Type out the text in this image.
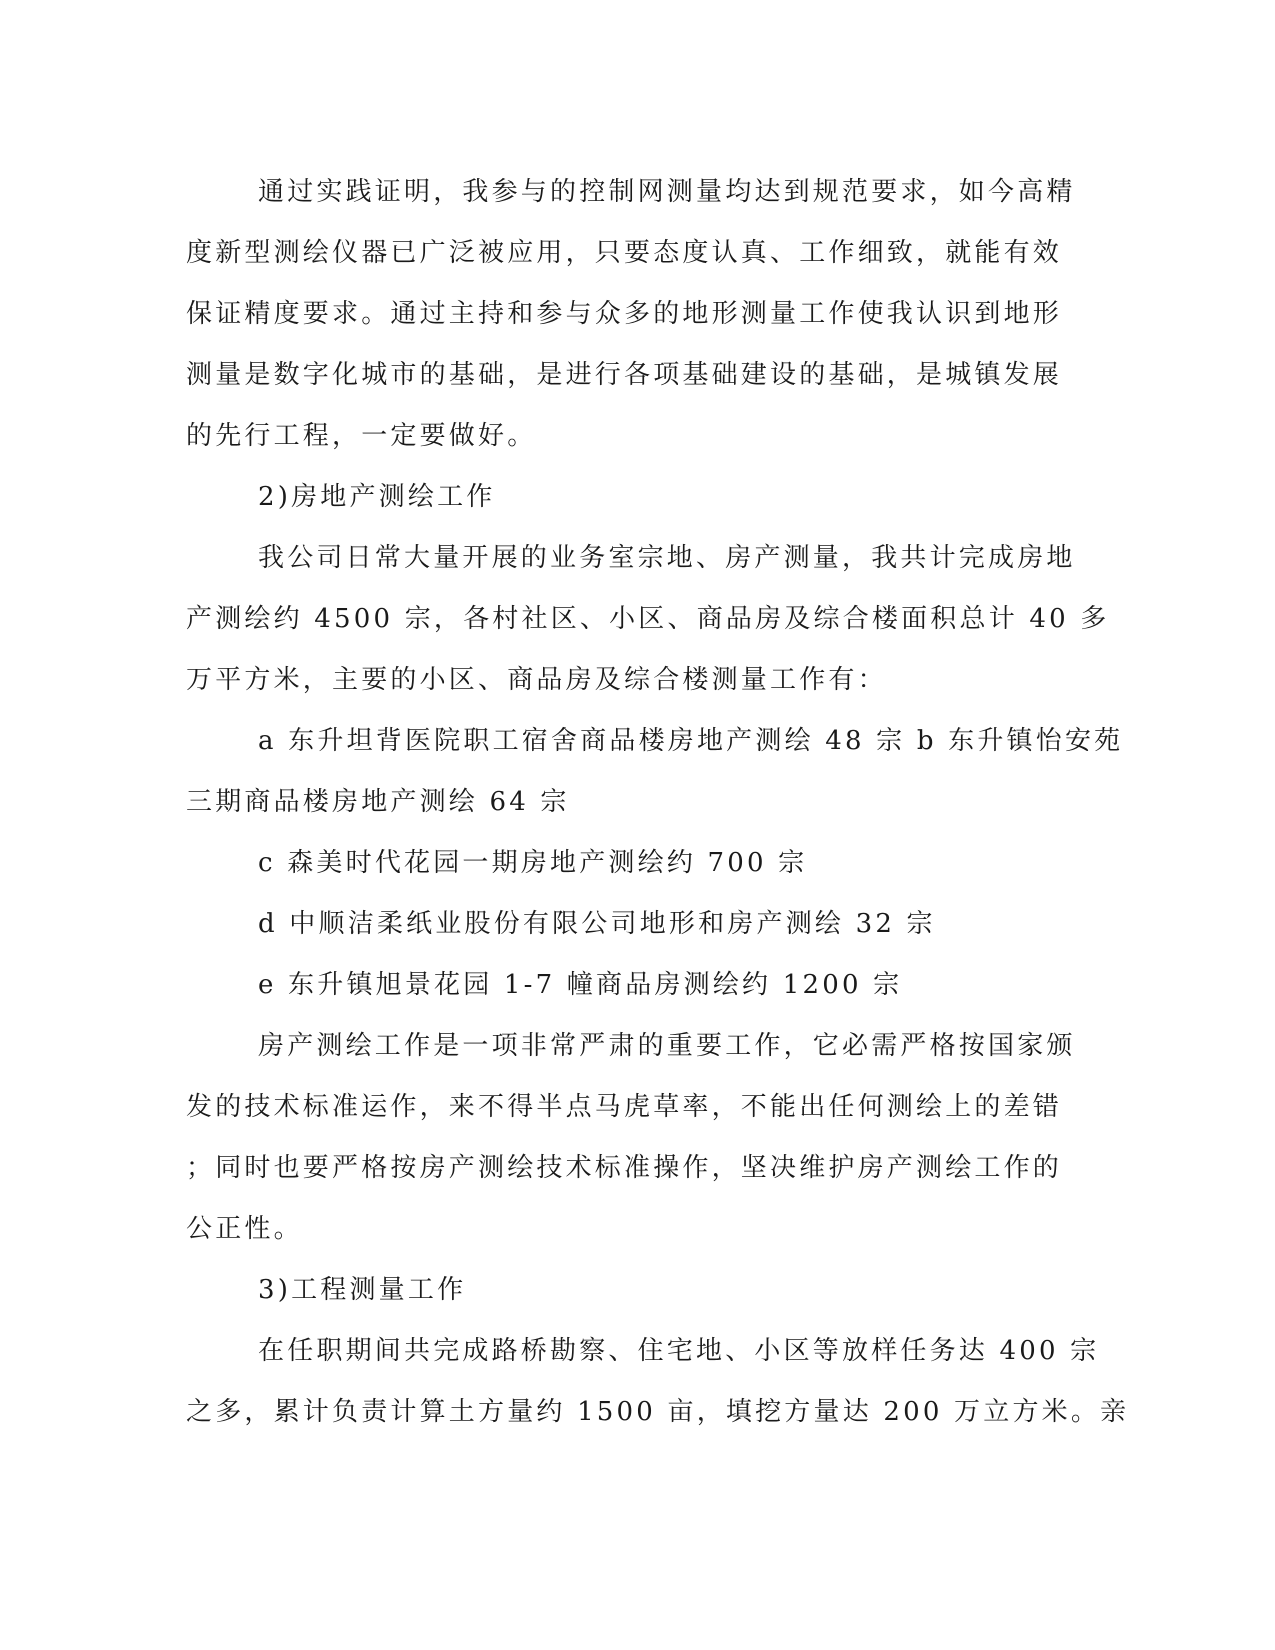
通过实践证明，我参与的控制网测量均达到规范要求，如今高精
度新型测绘仪器已广泛被应用，只要态度认真、工作细致，就能有效
保证精度要求。通过主持和参与众多的地形测量工作使我认识到地形
测量是数字化城市的基础，是进行各项基础建设的基础，是城镇发展
的先行工程，一定要做好。
2)房地产测绘工作
我公司日常大量开展的业务室宗地、房产测量，我共计完成房地
产测绘约 4500 宗，各村社区、小区、商品房及综合楼面积总计 40 多
万平方米，主要的小区、商品房及综合楼测量工作有：
a 东升坦背医院职工宿舍商品楼房地产测绘 48 宗 b 东升镇怡安苑
三期商品楼房地产测绘 64 宗
c 森美时代花园一期房地产测绘约 700 宗
d 中顺洁柔纸业股份有限公司地形和房产测绘 32 宗
e 东升镇旭景花园 1-7 幢商品房测绘约 1200 宗
房产测绘工作是一项非常严肃的重要工作，它必需严格按国家颁
发的技术标准运作，来不得半点马虎草率，不能出任何测绘上的差错
；同时也要严格按房产测绘技术标准操作，坚决维护房产测绘工作的
公正性。
3)工程测量工作
在任职期间共完成路桥勘察、住宅地、小区等放样任务达 400 宗
之多，累计负责计算土方量约 1500 亩，填挖方量达 200 万立方米。亲
